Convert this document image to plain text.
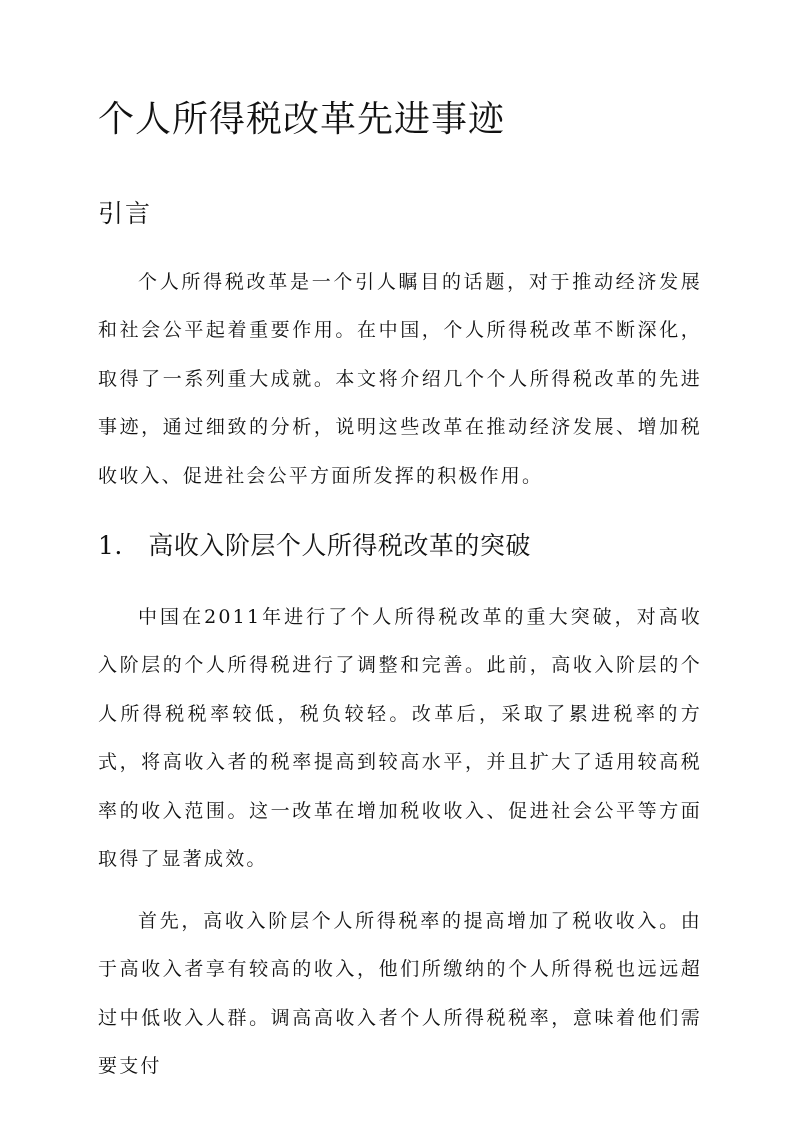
个人所得税改革先进事迹
引言

个人所得税改革是一个引人瞩目的话题，对于推动经济发展和社会公平起着重要作用。在中国，个人所得税改革不断深化，取得了一系列重大成就。本文将介绍几个个人所得税改革的先进事迹，通过细致的分析，说明这些改革在推动经济发展、增加税收收入、促进社会公平方面所发挥的积极作用。

1.　高收入阶层个人所得税改革的突破

中国在2011年进行了个人所得税改革的重大突破，对高收入阶层的个人所得税进行了调整和完善。此前，高收入阶层的个人所得税税率较低，税负较轻。改革后，采取了累进税率的方式，将高收入者的税率提高到较高水平，并且扩大了适用较高税率的收入范围。这一改革在增加税收收入、促进社会公平等方面取得了显著成效。

首先，高收入阶层个人所得税率的提高增加了税收收入。由于高收入者享有较高的收入，他们所缴纳的个人所得税也远远超过中低收入人群。调高高收入者个人所得税税率，意味着他们需要支付
